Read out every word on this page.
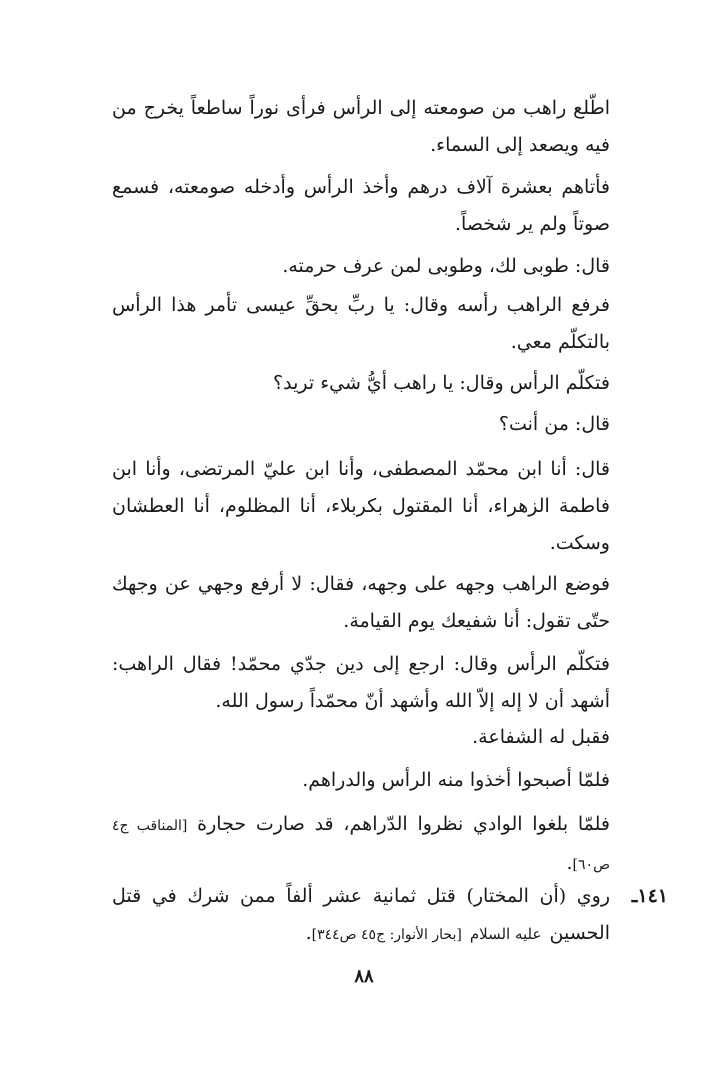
اطّلع راهب من صومعته إلى الرأس فرأى نوراً ساطعاً يخرج من فيه ويصعد إلى السماء.
فأتاهم بعشرة آلاف درهم وأخذ الرأس وأدخله صومعته، فسمع صوتاً ولم ير شخصاً.
قال: طوبى لك، وطوبى لمن عرف حرمته.
فرفع الراهب رأسه وقال: يا ربِّ بحقِّ عيسى تأمر هذا الرأس بالتكلّم معي.
فتكلّم الرأس وقال: يا راهب أيُّ شيء تريد؟
قال: من أنت؟
قال: أنا ابن محمّد المصطفى، وأنا ابن عليّ المرتضى، وأنا ابن فاطمة الزهراء، أنا المقتول بكربلاء، أنا المظلوم، أنا العطشان وسكت.
فوضع الراهب وجهه على وجهه، فقال: لا أرفع وجهي عن وجهك حتّى تقول: أنا شفيعك يوم القيامة.
فتكلّم الرأس وقال: ارجع إلى دين جدّي محمّد! فقال الراهب: أشهد أن لا إله إلاّ الله وأشهد أنّ محمّداً رسول الله.
فقبل له الشفاعة.
فلمّا أصبحوا أخذوا منه الرأس والدراهم.
فلمّا بلغوا الوادي نظروا الدّراهم، قد صارت حجارة [المناقب ج٤ ص٦٠].
١٤١ـ
روي (أن المختار) قتل ثمانية عشر ألفاً ممن شرك في قتل الحسين عليه السلام [بحار الأنوار: ج٤٥ ص٣٤٤].
٨٨
